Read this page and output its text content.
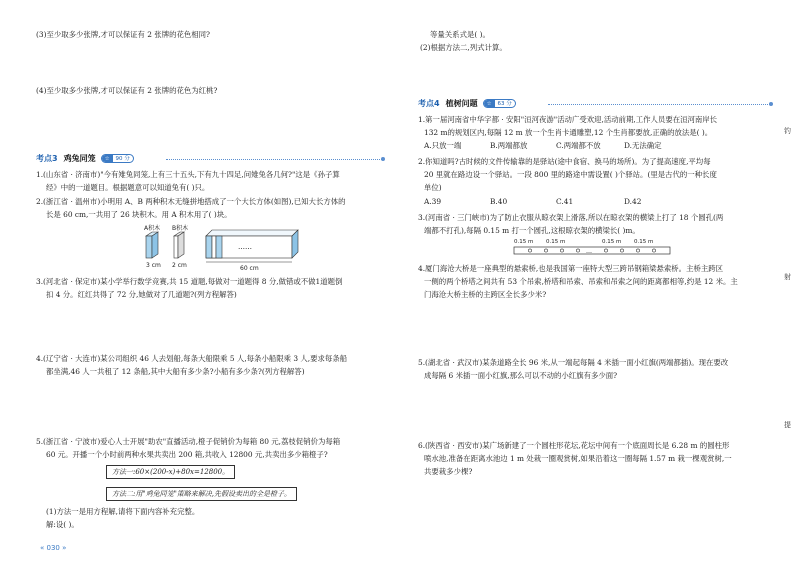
(3)至少取多少张牌,才可以保证有 2 张牌的花色相同?
(4)至少取多少张牌,才可以保证有 2 张牌的花色为红桃?
考点3 鸡兔同笼	☆	90 分
1.(山东省 · 济南市)"今有雉兔同笼,上有三十五头,下有九十四足,问雉兔各几何?"这是《孙子算
经》中的一道题目。根据题意可以知道兔有( )只。
2.(浙江省 · 温州市)小明用 A、B 两种积木无缝拼地搭成了一个大长方体(如图),已知大长方体的
长是 60 cm,一共用了 26 块积木。用 A 积木用了( )块。
A积木 B积木
3 cm 2 cm
……
60 cm
3.(河北省 · 保定市)某小学举行数学竞赛,共 15 道题,每做对一道题得 8 分,做错或不做1道题倒
扣 4 分。红红共得了 72 分,她做对了几道题?(列方程解答)
4.(辽宁省 · 大连市)某公司组织 46 人去划船,每条大船限乘 5 人,每条小船限乘 3 人,要求每条船
都坐满,46 人一共租了 12 条船,其中大船有多少条?小船有多少条?(列方程解答)
5.(浙江省 · 宁波市)爱心人士开展"助农"直播活动,橙子促销价为每箱 80 元,荔枝促销价为每箱
60 元。开播一个小时前两种水果共卖出 200 箱,共收入 12800 元,共卖出多少箱橙子?
方法一:60×(200-x)+80x=12800。
方法二:用"鸡兔同笼"策略来解决,先假设卖出的全是橙子。
(1)方法一是用方程解,请将下面内容补充完整。
解:设( )。
« 030 »
等量关系式是( )。
(2)根据方法二,列式计算。
考点4 植树问题	☆	63 分
1.第一届河南省中华字都 · 安阳"洹河夜游"活动广受欢迎,活动前期,工作人员要在洹河南岸长
132 m的规划区内,每隔 12 m 放一个生肖卡通雕塑,12 个生肖都要放,正确的放法是( )。
A.只放一端	B.两端都放	C.两端都不放	D.无法确定
2.你知道吗?古时候的文件传输靠的是驿站(途中食宿、换马的场所)。为了提高速度,平均每
20 里就在路边设一个驿站。一段 800 里的路途中需设置( )个驿站。(里是古代的一种长度
单位)
A.39	B.40	C.41	D.42
3.(河南省 · 三门峡市)为了防止衣服从晾衣架上滑落,所以在晾衣架的横梁上打了 18 个圆孔(两
端都不打孔),每隔 0.15 m 打一个圆孔,这根晾衣架的横梁长( )m。
0.15 m 0.15 m	0.15 m 0.15 m
…
4.厦门海沧大桥是一座典型的悬索桥,也是我国第一座特大型三跨吊钢箱梁悬索桥。主桥主跨区
一侧的两个桥塔之间共有 53 个吊索,桥塔和吊索、吊索和吊索之间的距离都相等,约是 12 米。主
门海沧大桥主桥的主跨区全长多少米?
5.(湖北省 · 武汉市)某条道路全长 96 米,从一端起每隔 4 米插一面小红旗(两端都插)。现在要改
成每隔 6 米插一面小红旗,那么可以不动的小红旗有多少面?
6.(陕西省 · 西安市)某广场新建了一个圆柱形花坛,花坛中间有一个底面周长是 6.28 m 的圆柱形
喷水池,准备在距离水池边 1 m 处栽一圈观赏树,如果沿着这一圈每隔 1.57 m 栽一棵观赏树,一
共要栽多少棵?
钓
射
提
